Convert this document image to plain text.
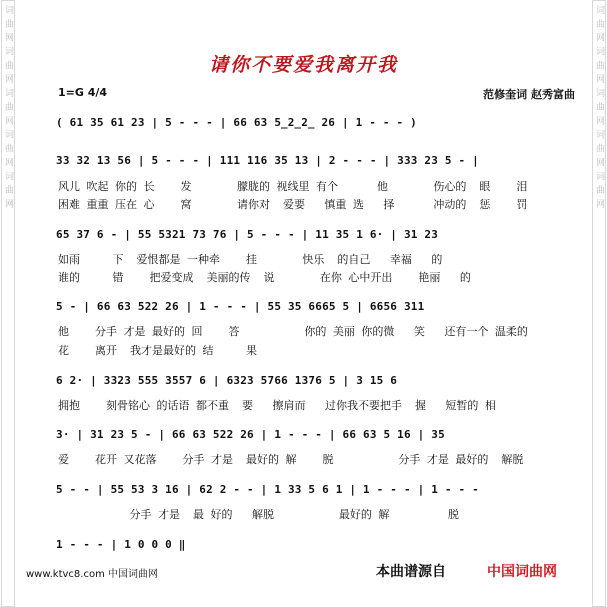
词 曲 网 词 曲 网 词 曲 网 词 曲 网 词 曲 网	词 曲 网 词 曲 网 词 曲 网 词 曲 网 词 曲 网
请你不要爱我离开我
1=G 4/4	范修奎词 赵秀富曲
( 61 35 61 23 | 5 - - - | 66 63 5̲2̲2̲ 26 | 1 - - - )
33 32 13 56 | 5 - - - | 111 116 35 13 | 2 - - - | 333 23 5 - |
风儿 吹起 你的 长    发       朦胧的 视线里 有个      他       伤心的  眼    泪
困难 重重 压在 心    窝       请你对  爱要   慎重 选   择      冲动的  惩    罚
65 37 6 - | 55 5321 73 76 | 5 - - - | 11 35 1 6· | 31 23
如雨     下  爱恨都是 一种牵    挂       快乐  的自己   幸福   的
谁的     错    把爱变成  美丽的传  说       在你 心中开出    艳丽   的
5 - | 66 63 522 26 | 1 - - - | 55 35 6665 5 | 6656 311
他    分手 才是 最好的 回    答          你的 美丽 你的微   笑   还有一个 温柔的
花    离开  我才是最好的 结     果
6 2· | 3323 555 3557 6 | 6323 5766 1376 5 | 3 15 6
拥抱    刻骨铭心 的话语 都不重  要   擦肩而   过你我不要把手  握   短暂的 相
3· | 31 23 5 - | 66 63 522 26 | 1 - - - | 66 63 5 16 | 35
爱    花开 又花落    分手 才是  最好的 解    脱          分手 才是 最好的  解脱
5 - - | 55 53 3 16 | 62 2 - - | 1 33 5 6 1 | 1 - - - | 1 - - -
分手 才是  最 好的   解脱          最好的 解         脱
1 - - - | 1 0 0 0 ‖
www.ktvc8.com 中国词曲网	本曲谱源自	中国词曲网
